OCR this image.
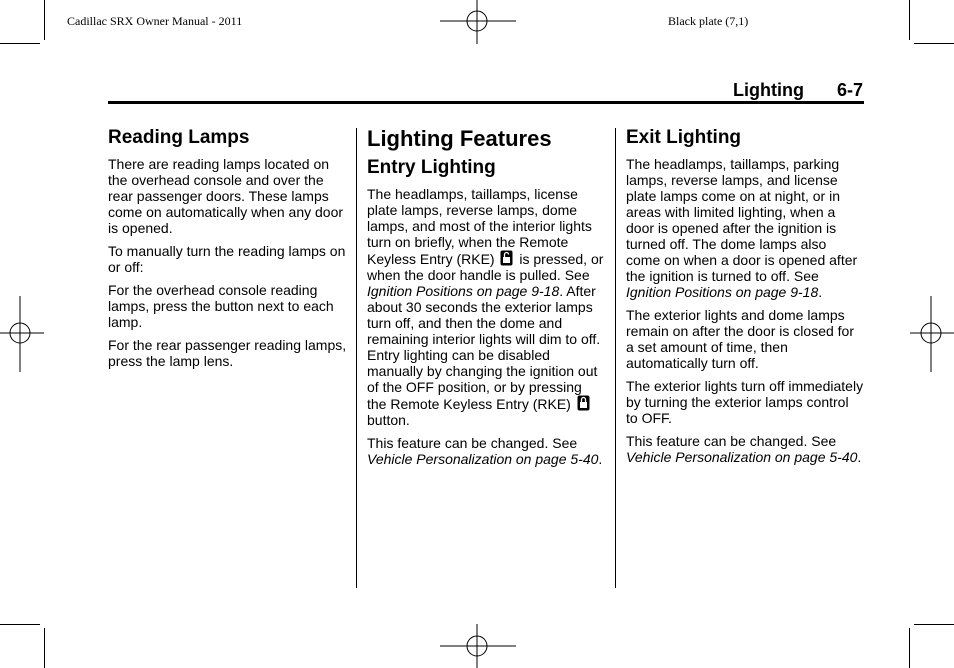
Cadillac SRX Owner Manual - 2011	Black plate (7,1)
Lighting 6-7
Reading Lamps

There are reading lamps located on the overhead console and over the rear passenger doors. These lamps come on automatically when any door is opened.

To manually turn the reading lamps on or off:

For the overhead console reading lamps, press the button next to each lamp.

For the rear passenger reading lamps, press the lamp lens.

Lighting Features
Entry Lighting

The headlamps, taillamps, license plate lamps, reverse lamps, dome lamps, and most of the interior lights turn on briefly, when the Remote Keyless Entry (RKE) is pressed, or when the door handle is pulled. See Ignition Positions on page 9-18. After about 30 seconds the exterior lamps turn off, and then the dome and remaining interior lights will dim to off. Entry lighting can be disabled manually by changing the ignition out of the OFF position, or by pressing the Remote Keyless Entry (RKE)  button.

This feature can be changed. See Vehicle Personalization on page 5-40.

Exit Lighting

The headlamps, taillamps, parking lamps, reverse lamps, and license plate lamps come on at night, or in areas with limited lighting, when a door is opened after the ignition is turned off. The dome lamps also come on when a door is opened after the ignition is turned to off. See Ignition Positions on page 9-18.

The exterior lights and dome lamps remain on after the door is closed for a set amount of time, then automatically turn off.

The exterior lights turn off immediately by turning the exterior lamps control to OFF.

This feature can be changed. See Vehicle Personalization on page 5-40.
